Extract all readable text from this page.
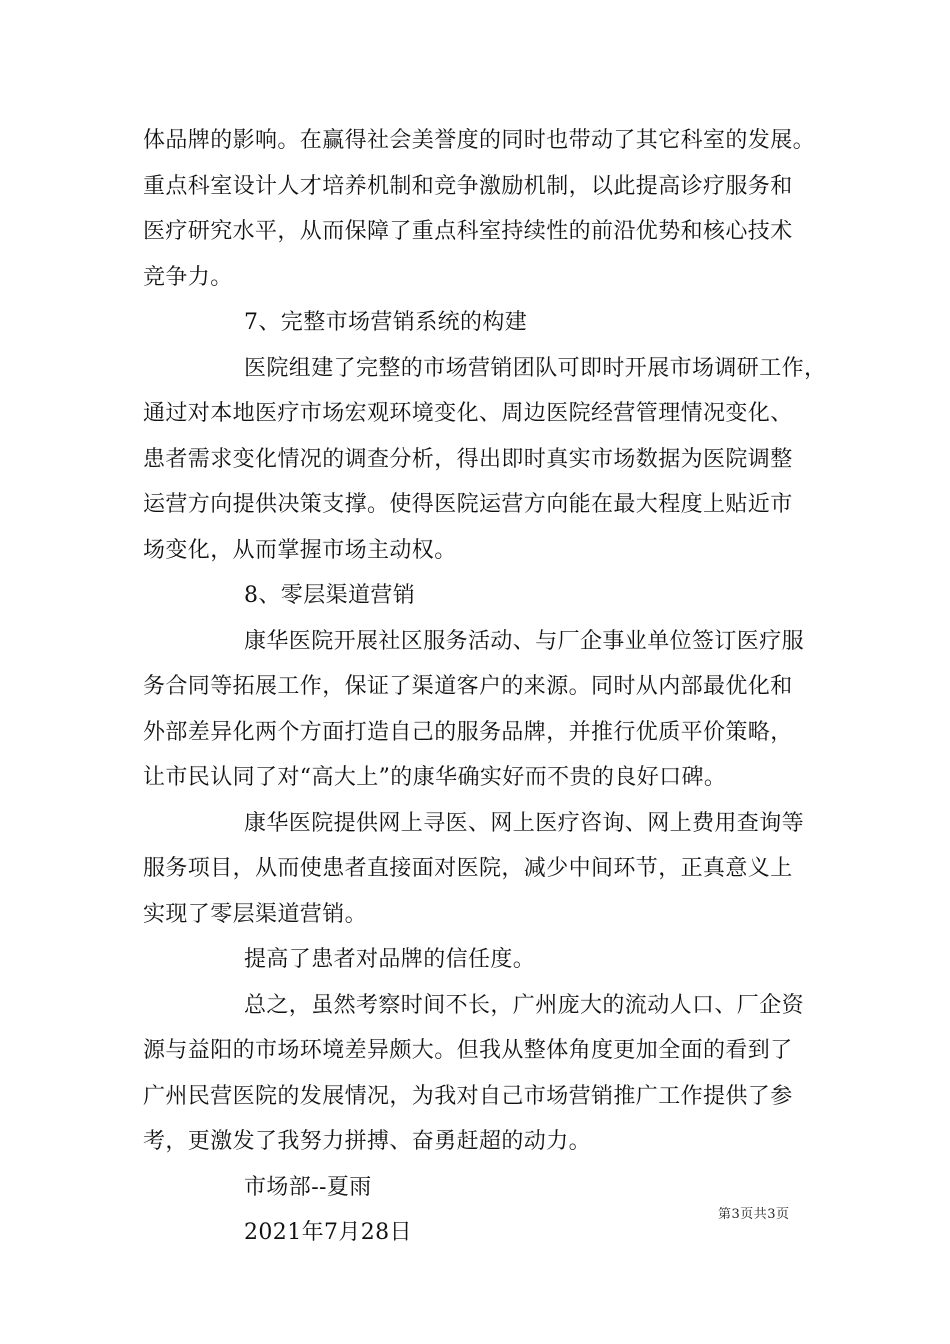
体品牌的影响。在赢得社会美誉度的同时也带动了其它科室的发展。

重点科室设计人才培养机制和竞争激励机制，以此提高诊疗服务和

医疗研究水平，从而保障了重点科室持续性的前沿优势和核心技术

竞争力。

7、完整市场营销系统的构建

医院组建了完整的市场营销团队可即时开展市场调研工作，

通过对本地医疗市场宏观环境变化、周边医院经营管理情况变化、

患者需求变化情况的调查分析，得出即时真实市场数据为医院调整

运营方向提供决策支撑。使得医院运营方向能在最大程度上贴近市

场变化，从而掌握市场主动权。

8、零层渠道营销

康华医院开展社区服务活动、与厂企事业单位签订医疗服

务合同等拓展工作，保证了渠道客户的来源。同时从内部最优化和

外部差异化两个方面打造自己的服务品牌，并推行优质平价策略，

让市民认同了对“高大上”的康华确实好而不贵的良好口碑。

康华医院提供网上寻医、网上医疗咨询、网上费用查询等

服务项目，从而使患者直接面对医院，减少中间环节，正真意义上

实现了零层渠道营销。

提高了患者对品牌的信任度。

总之，虽然考察时间不长，广州庞大的流动人口、厂企资

源与益阳的市场环境差异颇大。但我从整体角度更加全面的看到了

广州民营医院的发展情况，为我对自己市场营销推广工作提供了参

考，更激发了我努力拼搏、奋勇赶超的动力。

市场部--夏雨

2021年7月28日

第3页共3页
